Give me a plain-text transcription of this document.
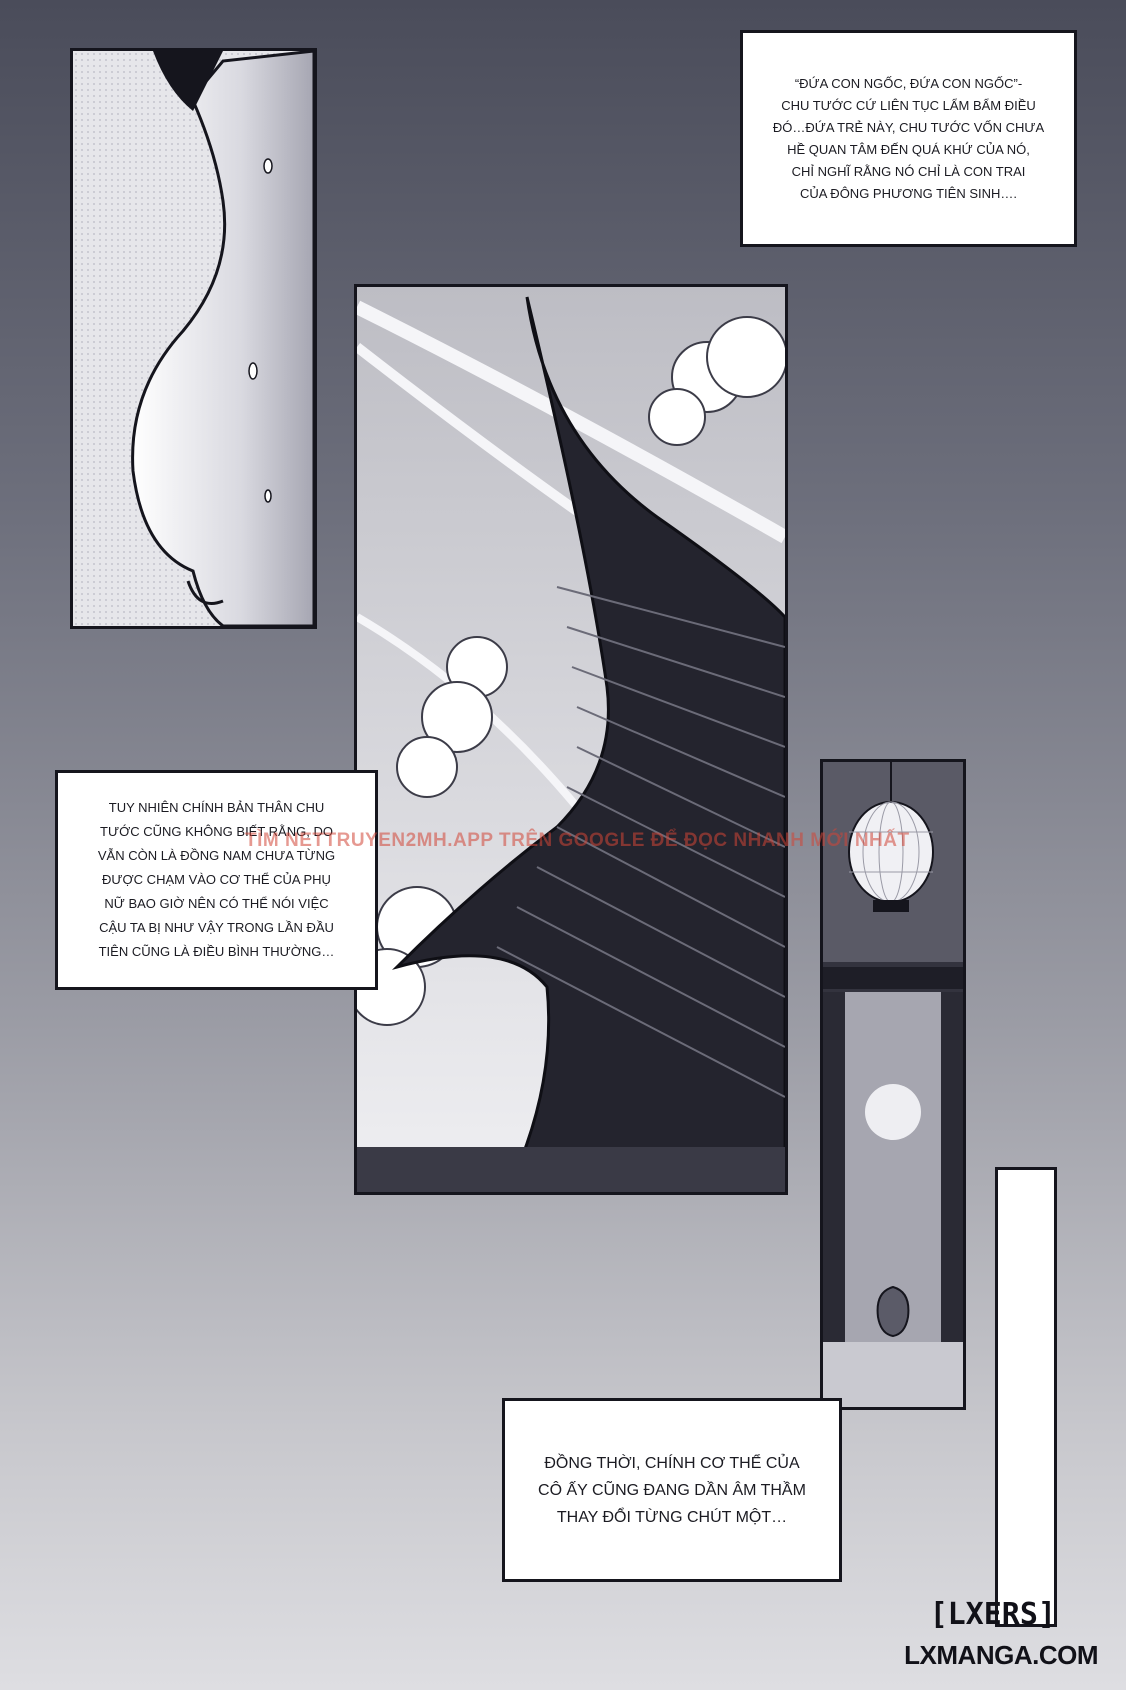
“ĐỨA CON NGỐC, ĐỨA CON NGỐC”-
CHU TƯỚC CỨ LIÊN TỤC LẨM BẨM ĐIỀU
ĐÓ…ĐỨA TRẺ NÀY, CHU TƯỚC VỐN CHƯA
HỀ QUAN TÂM ĐẾN QUÁ KHỨ CỦA NÓ,
CHỈ NGHĨ RẰNG NÓ CHỈ LÀ CON TRAI
CỦA ĐÔNG PHƯƠNG TIÊN SINH….
TUY NHIÊN CHÍNH BẢN THÂN CHU
TƯỚC CŨNG KHÔNG BIẾT RẰNG, DO
VẪN CÒN LÀ ĐỒNG NAM CHƯA TỪNG
ĐƯỢC CHẠM VÀO CƠ THỂ CỦA PHỤ
NỮ BAO GIỜ NÊN CÓ THỂ NÓI VIỆC
CẬU TA BỊ NHƯ VẬY TRONG LẦN ĐẦU
TIÊN CŨNG LÀ ĐIỀU BÌNH THƯỜNG…
ĐỒNG THỜI, CHÍNH CƠ THỂ CỦA
CÔ ẤY CŨNG ĐANG DẦN ÂM THẦM
THAY ĐỔI TỪNG CHÚT MỘT…
TÌM NETTRUYEN2MH.APP TRÊN GOOGLE ĐỂ ĐỌC NHANH MỚI NHẤT
[LXERS]
LXMANGA.COM
